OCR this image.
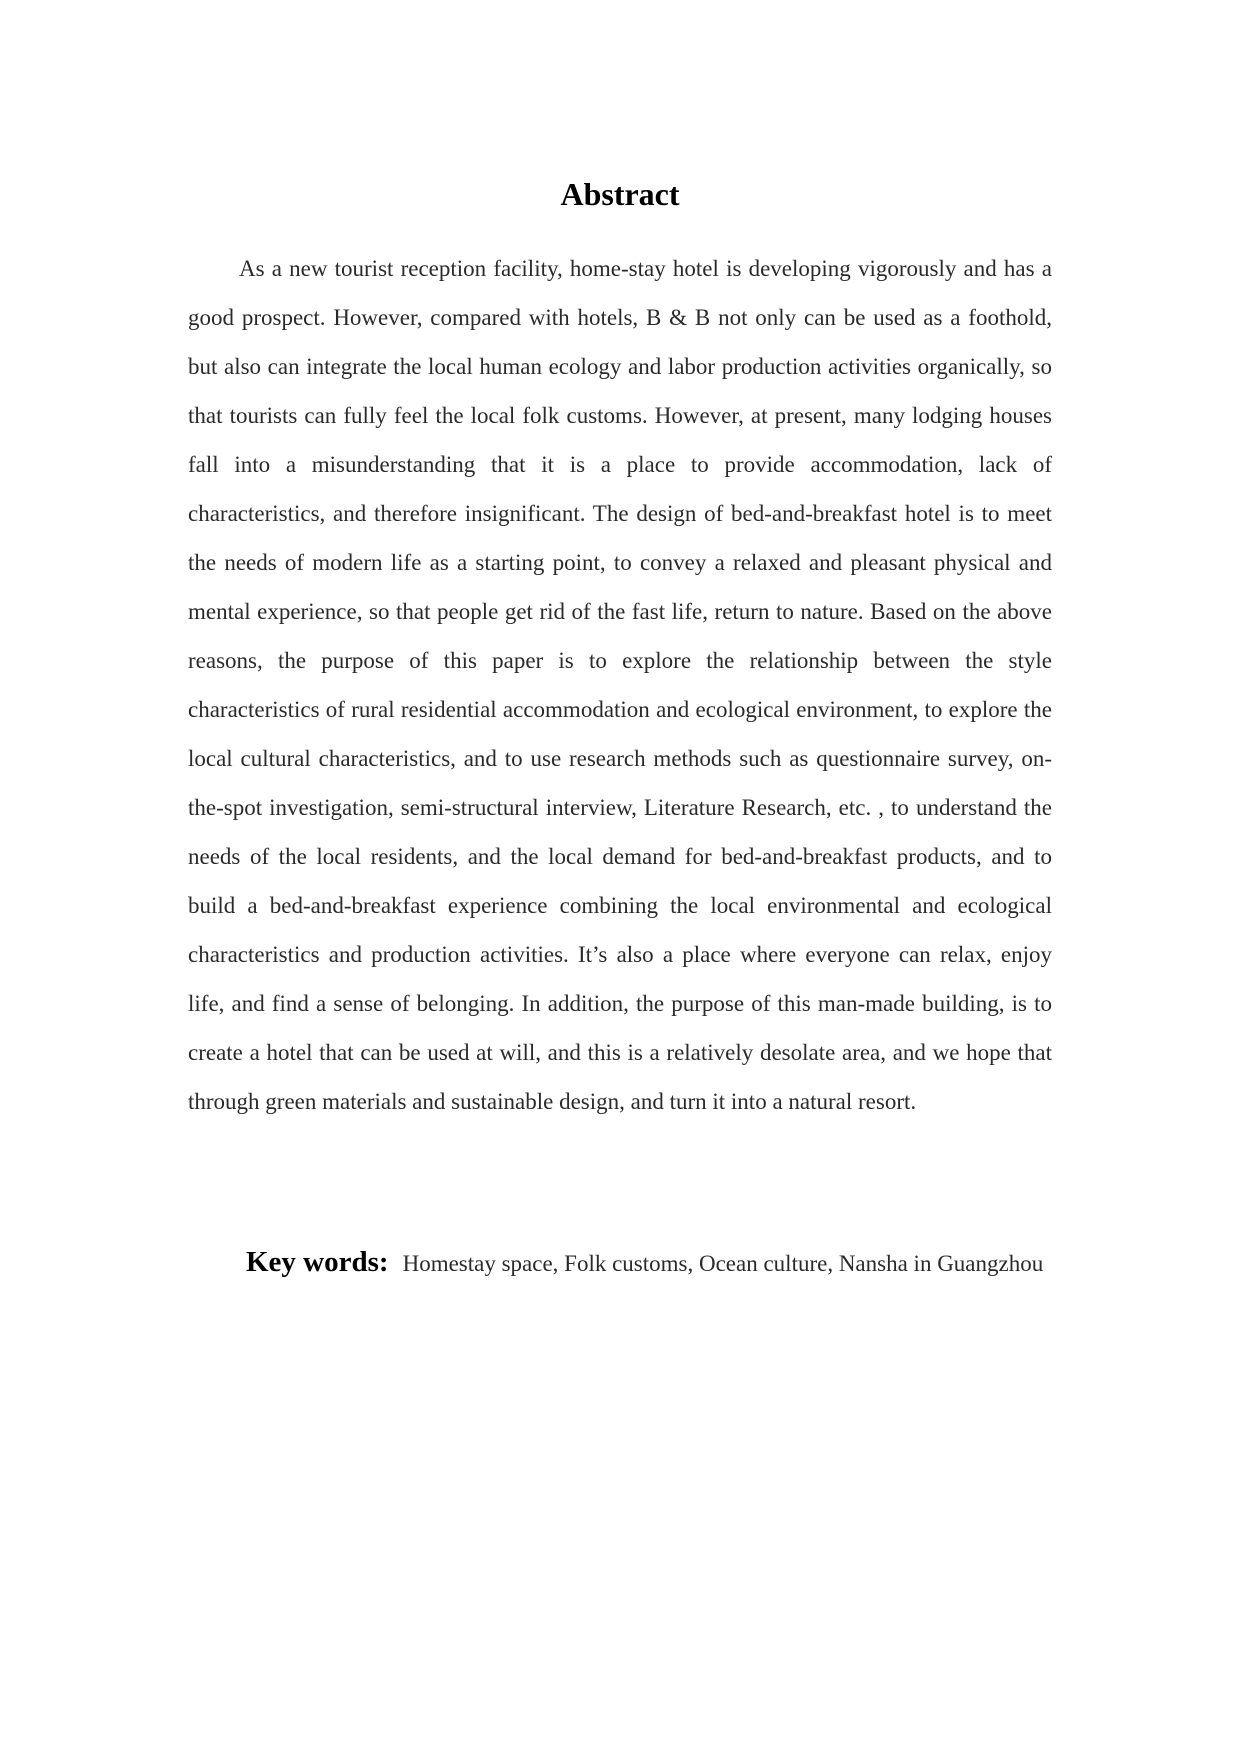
Abstract

As a new tourist reception facility, home-stay hotel is developing vigorously and has a good prospect. However, compared with hotels, B & B not only can be used as a foothold, but also can integrate the local human ecology and labor production activities organically, so that tourists can fully feel the local folk customs. However, at present, many lodging houses fall into a misunderstanding that it is a place to provide accommodation, lack of characteristics, and therefore insignificant. The design of bed-and-breakfast hotel is to meet the needs of modern life as a starting point, to convey a relaxed and pleasant physical and mental experience, so that people get rid of the fast life, return to nature. Based on the above reasons, the purpose of this paper is to explore the relationship between the style characteristics of rural residential accommodation and ecological environment, to explore the local cultural characteristics, and to use research methods such as questionnaire survey, on-the-spot investigation, semi-structural interview, Literature Research, etc. , to understand the needs of the local residents, and the local demand for bed-and-breakfast products, and to build a bed-and-breakfast experience combining the local environmental and ecological characteristics and production activities. It’s also a place where everyone can relax, enjoy life, and find a sense of belonging. In addition, the purpose of this man-made building, is to create a hotel that can be used at will, and this is a relatively desolate area, and we hope that through green materials and sustainable design, and turn it into a natural resort.

Key words: Homestay space, Folk customs, Ocean culture, Nansha in Guangzhou
